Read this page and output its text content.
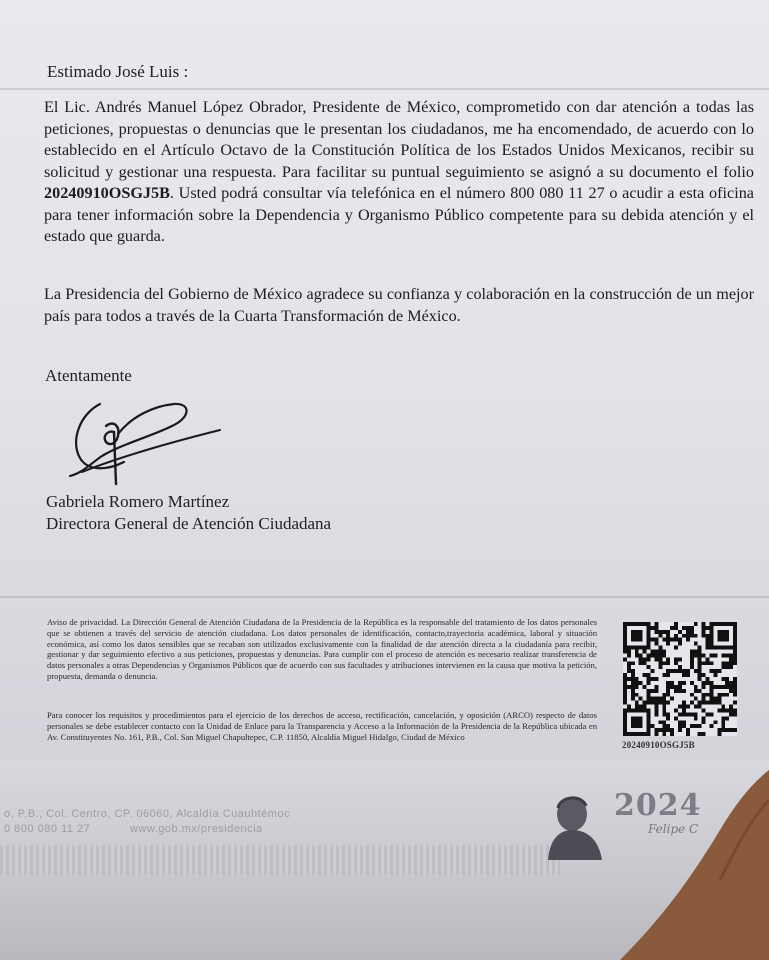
Estimado José Luis :

El Lic. Andrés Manuel López Obrador, Presidente de México, comprometido con dar atención a todas las peticiones, propuestas o denuncias que le presentan los ciudadanos, me ha encomendado, de acuerdo con lo establecido en el Artículo Octavo de la Constitución Política de los Estados Unidos Mexicanos, recibir su solicitud y gestionar una respuesta. Para facilitar su puntual seguimiento se asignó a su documento el folio 20240910OSGJ5B. Usted podrá consultar vía telefónica en el número 800 080 11 27 o acudir a esta oficina para tener información sobre la Dependencia y Organismo Público competente para su debida atención y el estado que guarda.

La Presidencia del Gobierno de México agradece su confianza y colaboración en la construcción de un mejor país para todos a través de la Cuarta Transformación de México.

Atentamente
Gabriela Romero Martínez
Directora General de Atención Ciudadana

Aviso de privacidad. La Dirección General de Atención Ciudadana de la Presidencia de la República es la responsable del tratamiento de los datos personales que se obtienen a través del servicio de atención ciudadana. Los datos personales de identificación, contacto,trayectoria académica, laboral y situación económica, así como los datos sensibles que se recaban son utilizados exclusivamente con la finalidad de dar atención directa a la ciudadanía para recibir, gestionar y dar seguimiento efectivo a sus peticiones, propuestas y denuncias. Para cumplir con el proceso de atención es necesario realizar transferencia de datos personales a otras Dependencias y Organismos Públicos que de acuerdo con sus facultades y atribuciones intervienen en la causa que motiva la petición, propuesta, demanda o denuncia.

Para conocer los requisitos y procedimientos para el ejercicio de los derechos de acceso, rectificación, cancelación, y oposición (ARCO) respecto de datos personales se debe establecer contacto con la Unidad de Enlace para la Transparencia y Acceso a la Información de la Presidencia de la República ubicada en Av. Constituyentes No. 161, P.B., Col. San Miguel Chapultepec, C.P. 11850, Alcaldía Miguel Hidalgo, Ciudad de México

20240910OSGJ5B
o, P.B., Col. Centro, CP. 06060, Alcaldía Cuauhtémoc
0 800 080 11 27	www.gob.mx/presidencia
2024
Felipe C
